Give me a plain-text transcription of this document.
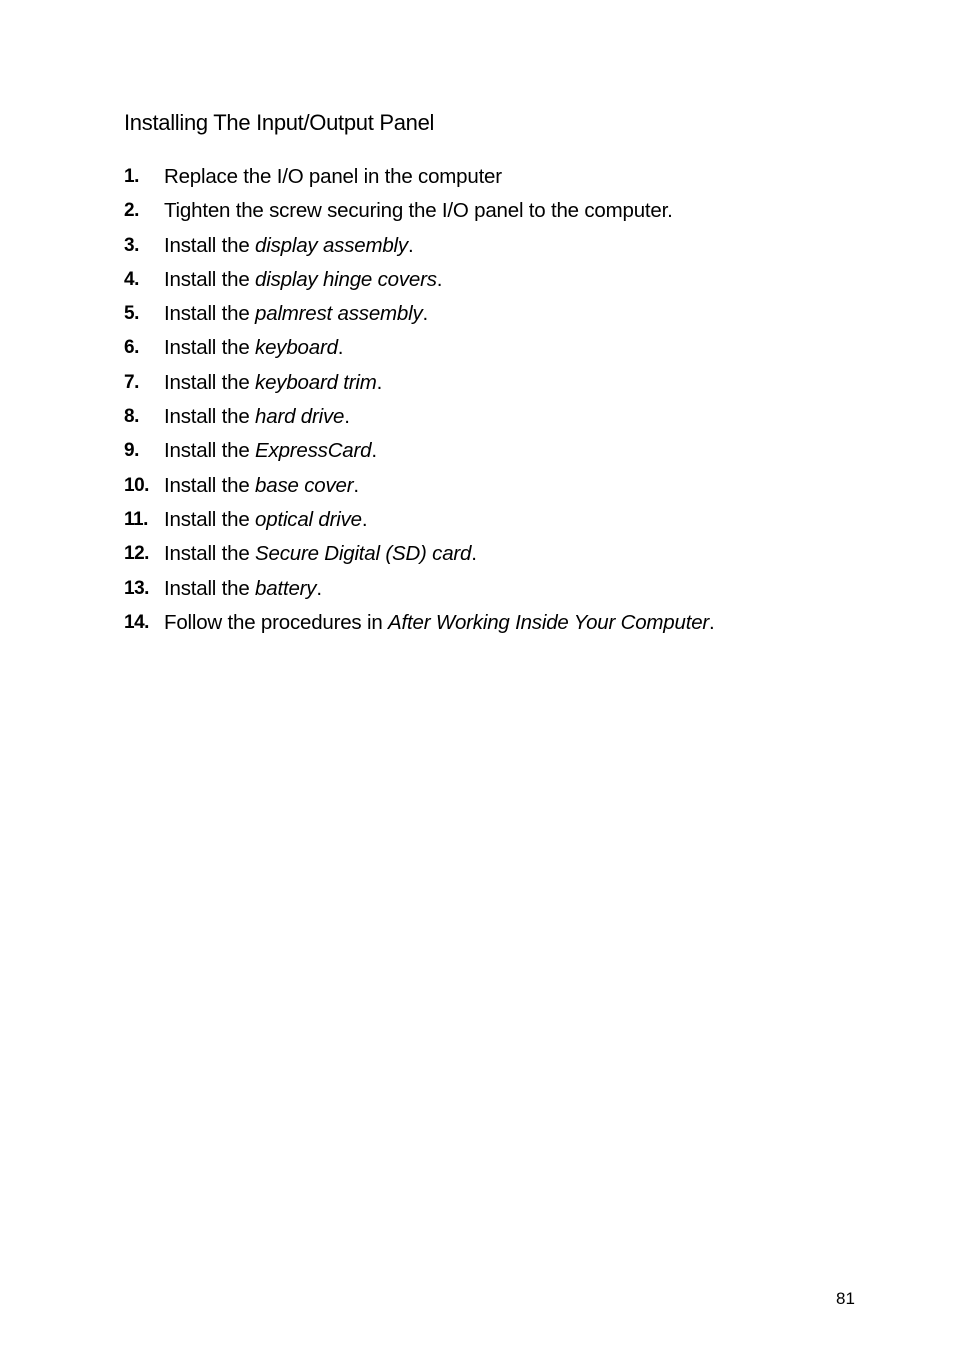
Installing The Input/Output Panel
1.	Replace the I/O panel in the computer
2.	Tighten the screw securing the I/O panel to the computer.
3.	Install the display assembly.
4.	Install the display hinge covers.
5.	Install the palmrest assembly.
6.	Install the keyboard.
7.	Install the keyboard trim.
8.	Install the hard drive.
9.	Install the ExpressCard.
10. Install the base cover.
11. Install the optical drive.
12. Install the Secure Digital (SD) card.
13. Install the battery.
14. Follow the procedures in After Working Inside Your Computer.
81
